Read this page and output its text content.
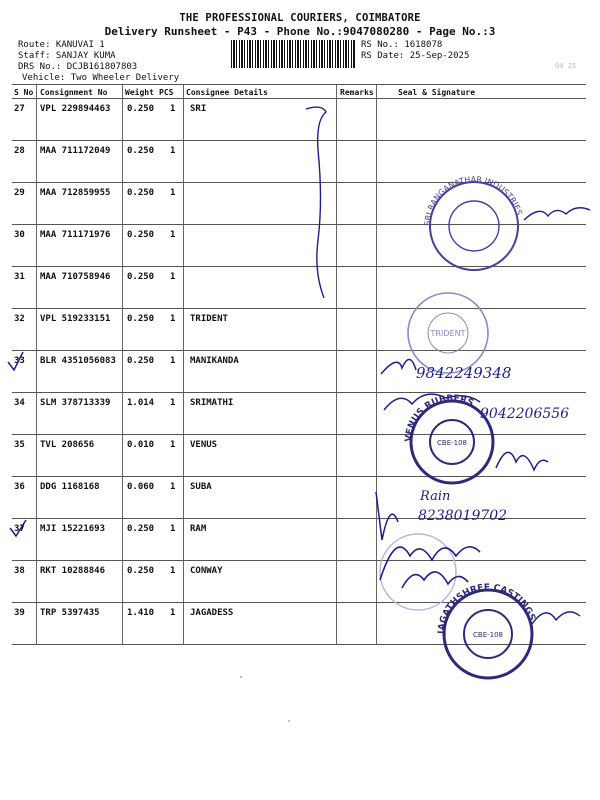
THE PROFESSIONAL COURIERS, COIMBATORE
Delivery Runsheet - P43 - Phone No.:9047080280 - Page No.:3
Route: KANUVAI 1
Staff: SANJAY KUMA
DRS No.: DCJB161807803
Vehicle: Two Wheeler Delivery
RS No.: 1618078
RS Date: 25-Sep-2025
04 25
S No Consignment No Weight PCS Consignee Details	Remarks	Seal & Signature
27 VPL 229894463 0.250 1 SRI
28 MAA 711172049 0.250 1
29 MAA 712859955 0.250 1
30 MAA 711171976 0.250 1
31 MAA 710758946 0.250 1
32 VPL 519233151 0.250 1 TRIDENT
33 BLR 4351056083 0.250 1 MANIKANDA
34 SLM 378713339 1.014 1 SRIMATHI
35 TVL 208656	0.010 1 VENUS
36 DDG 1168168	0.060 1 SUBA
37 MJI 15221693 0.250 1 RAM
38 RKT 10288846 0.250 1 CONWAY
39 TRP 5397435	1.410 1 JAGADESS
SRI RANGANATHAR INDUSTRIES
TRIDENT
9842249348
9042206556
VENUS RUBBERS
CBE-108
Rain
8238019702
JAGATHSHREE CASTINGS
CBE-108
